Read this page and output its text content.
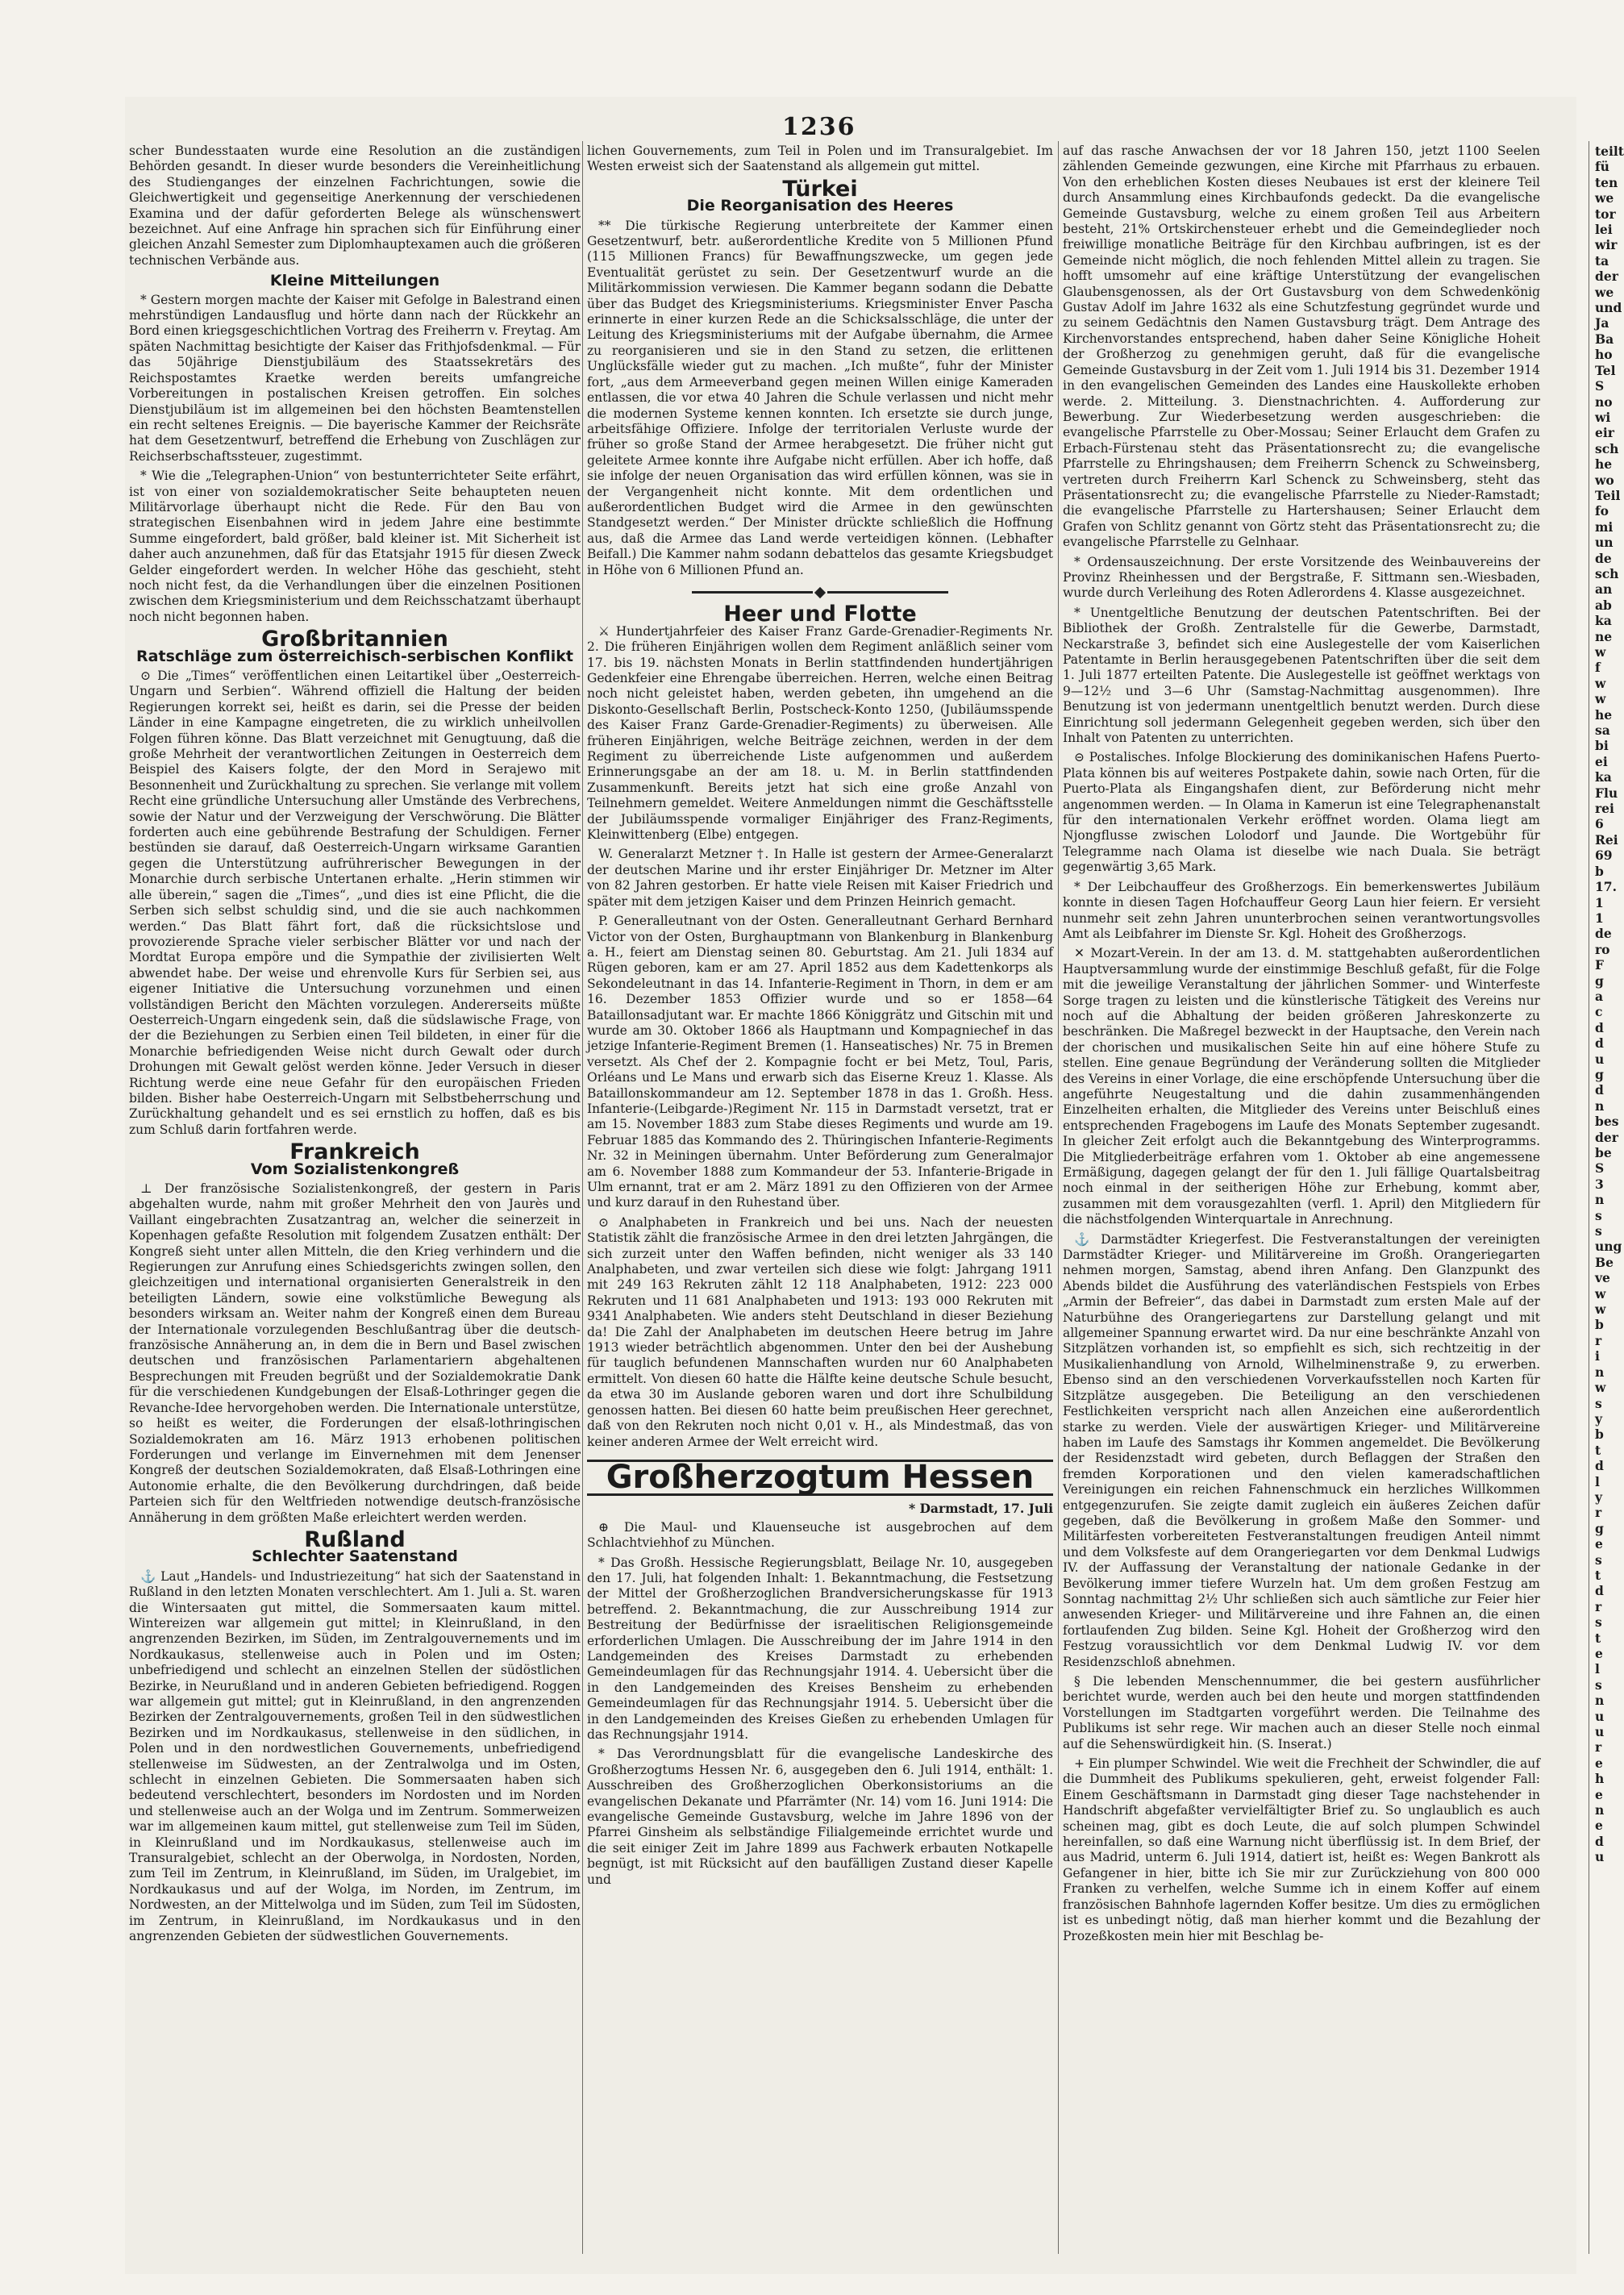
1236

scher Bundesstaaten wurde eine Resolution an die zuständigen Behörden gesandt. In dieser wurde besonders die Vereinheitlichung des Studienganges der einzelnen Fachrichtungen, sowie die Gleichwertigkeit und gegenseitige Anerkennung der verschiedenen Examina und der dafür geforderten Belege als wünschenswert bezeichnet. Auf eine Anfrage hin sprachen sich für Einführung einer gleichen Anzahl Semester zum Diplomhauptexamen auch die größeren technischen Verbände aus.

Kleine Mitteilungen

* Gestern morgen machte der Kaiser mit Gefolge in Balestrand einen mehrstündigen Landausflug und hörte dann nach der Rückkehr an Bord einen kriegsgeschichtlichen Vortrag des Freiherrn v. Freytag. Am späten Nachmittag besichtigte der Kaiser das Frithjofsdenkmal. — Für das 50jährige Dienstjubiläum des Staatssekretärs des Reichspostamtes Kraetke werden bereits umfangreiche Vorbereitungen in postalischen Kreisen getroffen. Ein solches Dienstjubiläum ist im allgemeinen bei den höchsten Beamtenstellen ein recht seltenes Ereignis. — Die bayerische Kammer der Reichsräte hat dem Gesetzentwurf, betreffend die Erhebung von Zuschlägen zur Reichserbschaftssteuer, zugestimmt.

* Wie die „Telegraphen-Union“ von bestunterrichteter Seite erfährt, ist von einer von sozialdemokratischer Seite behaupteten neuen Militärvorlage überhaupt nicht die Rede. Für den Bau von strategischen Eisenbahnen wird in jedem Jahre eine bestimmte Summe eingefordert, bald größer, bald kleiner ist. Mit Sicherheit ist daher auch anzunehmen, daß für das Etatsjahr 1915 für diesen Zweck Gelder eingefordert werden. In welcher Höhe das geschieht, steht noch nicht fest, da die Verhandlungen über die einzelnen Positionen zwischen dem Kriegsministerium und dem Reichsschatzamt überhaupt noch nicht begonnen haben.

Großbritannien
Ratschläge zum österreichisch-serbischen Konflikt

⊙ Die „Times“ veröffentlichen einen Leitartikel über „Oesterreich-Ungarn und Serbien“. Während offiziell die Haltung der beiden Regierungen korrekt sei, heißt es darin, sei die Presse der beiden Länder in eine Kampagne eingetreten, die zu wirklich unheilvollen Folgen führen könne. Das Blatt verzeichnet mit Genugtuung, daß die große Mehrheit der verantwortlichen Zeitungen in Oesterreich dem Beispiel des Kaisers folgte, der den Mord in Serajewo mit Besonnenheit und Zurückhaltung zu sprechen. Sie verlange mit vollem Recht eine gründliche Untersuchung aller Umstände des Verbrechens, sowie der Natur und der Verzweigung der Verschwörung. Die Blätter forderten auch eine gebührende Bestrafung der Schuldigen. Ferner bestünden sie darauf, daß Oesterreich-Ungarn wirksame Garantien gegen die Unterstützung aufrührerischer Bewegungen in der Monarchie durch serbische Untertanen erhalte. „Herin stimmen wir alle überein,“ sagen die „Times“, „und dies ist eine Pflicht, die die Serben sich selbst schuldig sind, und die sie auch nachkommen werden.“ Das Blatt fährt fort, daß die rücksichtslose und provozierende Sprache vieler serbischer Blätter vor und nach der Mordtat Europa empöre und die Sympathie der zivilisierten Welt abwendet habe. Der weise und ehrenvolle Kurs für Serbien sei, aus eigener Initiative die Untersuchung vorzunehmen und einen vollständigen Bericht den Mächten vorzulegen. Andererseits müßte Oesterreich-Ungarn eingedenk sein, daß die südslawische Frage, von der die Beziehungen zu Serbien einen Teil bildeten, in einer für die Monarchie befriedigenden Weise nicht durch Gewalt oder durch Drohungen mit Gewalt gelöst werden könne. Jeder Versuch in dieser Richtung werde eine neue Gefahr für den europäischen Frieden bilden. Bisher habe Oesterreich-Ungarn mit Selbstbeherrschung und Zurückhaltung gehandelt und es sei ernstlich zu hoffen, daß es bis zum Schluß darin fortfahren werde.

Frankreich
Vom Sozialistenkongreß

⊥ Der französische Sozialistenkongreß, der gestern in Paris abgehalten wurde, nahm mit großer Mehrheit den von Jaurès und Vaillant eingebrachten Zusatzantrag an, welcher die seinerzeit in Kopenhagen gefaßte Resolution mit folgendem Zusatzen enthält: Der Kongreß sieht unter allen Mitteln, die den Krieg verhindern und die Regierungen zur Anrufung eines Schiedsgerichts zwingen sollen, den gleichzeitigen und international organisierten Generalstreik in den beteiligten Ländern, sowie eine volkstümliche Bewegung als besonders wirksam an. Weiter nahm der Kongreß einen dem Bureau der Internationale vorzulegenden Beschlußantrag über die deutsch-französische Annäherung an, in dem die in Bern und Basel zwischen deutschen und französischen Parlamentariern abgehaltenen Besprechungen mit Freuden begrüßt und der Sozialdemokratie Dank für die verschiedenen Kundgebungen der Elsaß-Lothringer gegen die Revanche-Idee hervorgehoben werden. Die Internationale unterstütze, so heißt es weiter, die Forderungen der elsaß-lothringischen Sozialdemokraten am 16. März 1913 erhobenen politischen Forderungen und verlange im Einvernehmen mit dem Jenenser Kongreß der deutschen Sozialdemokraten, daß Elsaß-Lothringen eine Autonomie erhalte, die den Bevölkerung durchdringen, daß beide Parteien sich für den Weltfrieden notwendige deutsch-französische Annäherung in dem größten Maße erleichtert werden werden.

Rußland
Schlechter Saatenstand

⚓ Laut „Handels- und Industriezeitung“ hat sich der Saatenstand in Rußland in den letzten Monaten verschlechtert. Am 1. Juli a. St. waren die Wintersaaten gut mittel, die Sommersaaten kaum mittel. Wintereizen war allgemein gut mittel; in Kleinrußland, in den angrenzenden Bezirken, im Süden, im Zentralgouvernements und im Nordkaukasus, stellenweise auch in Polen und im Osten; unbefriedigend und schlecht an einzelnen Stellen der südöstlichen Bezirke, in Neurußland und in anderen Gebieten befriedigend. Roggen war allgemein gut mittel; gut in Kleinrußland, in den angrenzenden Bezirken der Zentralgouvernements, großen Teil in den südwestlichen Bezirken und im Nordkaukasus, stellenweise in den südlichen, in Polen und in den nordwestlichen Gouvernements, unbefriedigend stellenweise im Südwesten, an der Zentralwolga und im Osten, schlecht in einzelnen Gebieten. Die Sommersaaten haben sich bedeutend verschlechtert, besonders im Nordosten und im Norden und stellenweise auch an der Wolga und im Zentrum. Sommerweizen war im allgemeinen kaum mittel, gut stellenweise zum Teil im Süden, in Kleinrußland und im Nordkaukasus, stellenweise auch im Transuralgebiet, schlecht an der Oberwolga, in Nordosten, Norden, zum Teil im Zentrum, in Kleinrußland, im Süden, im Uralgebiet, im Nordkaukasus und auf der Wolga, im Norden, im Zentrum, im Nordwesten, an der Mittelwolga und im Süden, zum Teil im Südosten, im Zentrum, in Kleinrußland, im Nordkaukasus und in den angrenzenden Gebieten der südwestlichen Gouvernements.

lichen Gouvernements, zum Teil in Polen und im Transuralgebiet. Im Westen erweist sich der Saatenstand als allgemein gut mittel.

Türkei
Die Reorganisation des Heeres

** Die türkische Regierung unterbreitete der Kammer einen Gesetzentwurf, betr. außerordentliche Kredite von 5 Millionen Pfund (115 Millionen Francs) für Bewaffnungszwecke, um gegen jede Eventualität gerüstet zu sein. Der Gesetzentwurf wurde an die Militärkommission verwiesen. Die Kammer begann sodann die Debatte über das Budget des Kriegsministeriums. Kriegsminister Enver Pascha erinnerte in einer kurzen Rede an die Schicksalsschläge, die unter der Leitung des Kriegsministeriums mit der Aufgabe übernahm, die Armee zu reorganisieren und sie in den Stand zu setzen, die erlittenen Unglücksfälle wieder gut zu machen. „Ich mußte“, fuhr der Minister fort, „aus dem Armeeverband gegen meinen Willen einige Kameraden entlassen, die vor etwa 40 Jahren die Schule verlassen und nicht mehr die modernen Systeme kennen konnten. Ich ersetzte sie durch junge, arbeitsfähige Offiziere. Infolge der territorialen Verluste wurde der früher so große Stand der Armee herabgesetzt. Die früher nicht gut geleitete Armee konnte ihre Aufgabe nicht erfüllen. Aber ich hoffe, daß sie infolge der neuen Organisation das wird erfüllen können, was sie in der Vergangenheit nicht konnte. Mit dem ordentlichen und außerordentlichen Budget wird die Armee in den gewünschten Standgesetzt werden.“ Der Minister drückte schließlich die Hoffnung aus, daß die Armee das Land werde verteidigen können. (Lebhafter Beifall.) Die Kammer nahm sodann debattelos das gesamte Kriegsbudget in Höhe von 6 Millionen Pfund an.

Heer und Flotte

⚔ Hundertjahrfeier des Kaiser Franz Garde-Grenadier-Regiments Nr. 2. Die früheren Einjährigen wollen dem Regiment anläßlich seiner vom 17. bis 19. nächsten Monats in Berlin stattfindenden hundertjährigen Gedenkfeier eine Ehrengabe überreichen. Herren, welche einen Beitrag noch nicht geleistet haben, werden gebeten, ihn umgehend an die Diskonto-Gesellschaft Berlin, Postscheck-Konto 1250, (Jubiläumsspende des Kaiser Franz Garde-Grenadier-Regiments) zu überweisen. Alle früheren Einjährigen, welche Beiträge zeichnen, werden in der dem Regiment zu überreichende Liste aufgenommen und außerdem Erinnerungsgabe an der am 18. u. M. in Berlin stattfindenden Zusammenkunft. Bereits jetzt hat sich eine große Anzahl von Teilnehmern gemeldet. Weitere Anmeldungen nimmt die Geschäftsstelle der Jubiläumsspende vormaliger Einjähriger des Franz-Regiments, Kleinwittenberg (Elbe) entgegen.

W. Generalarzt Metzner †. In Halle ist gestern der Armee-Generalarzt der deutschen Marine und ihr erster Einjähriger Dr. Metzner im Alter von 82 Jahren gestorben. Er hatte viele Reisen mit Kaiser Friedrich und später mit dem jetzigen Kaiser und dem Prinzen Heinrich gemacht.

P. Generalleutnant von der Osten. Generalleutnant Gerhard Bernhard Victor von der Osten, Burghauptmann von Blankenburg in Blankenburg a. H., feiert am Dienstag seinen 80. Geburtstag. Am 21. Juli 1834 auf Rügen geboren, kam er am 27. April 1852 aus dem Kadettenkorps als Sekondeleutnant in das 14. Infanterie-Regiment in Thorn, in dem er am 16. Dezember 1853 Offizier wurde und so er 1858—64 Bataillonsadjutant war. Er machte 1866 Königgrätz und Gitschin mit und wurde am 30. Oktober 1866 als Hauptmann und Kompagniechef in das jetzige Infanterie-Regiment Bremen (1. Hanseatisches) Nr. 75 in Bremen versetzt. Als Chef der 2. Kompagnie focht er bei Metz, Toul, Paris, Orléans und Le Mans und erwarb sich das Eiserne Kreuz 1. Klasse. Als Bataillonskommandeur am 12. September 1878 in das 1. Großh. Hess. Infanterie-(Leibgarde-)Regiment Nr. 115 in Darmstadt versetzt, trat er am 15. November 1883 zum Stabe dieses Regiments und wurde am 19. Februar 1885 das Kommando des 2. Thüringischen Infanterie-Regiments Nr. 32 in Meiningen übernahm. Unter Beförderung zum Generalmajor am 6. November 1888 zum Kommandeur der 53. Infanterie-Brigade in Ulm ernannt, trat er am 2. März 1891 zu den Offizieren von der Armee und kurz darauf in den Ruhestand über.

⊙ Analphabeten in Frankreich und bei uns. Nach der neuesten Statistik zählt die französische Armee in den drei letzten Jahrgängen, die sich zurzeit unter den Waffen befinden, nicht weniger als 33 140 Analphabeten, und zwar verteilen sich diese wie folgt: Jahrgang 1911 mit 249 163 Rekruten zählt 12 118 Analphabeten, 1912: 223 000 Rekruten und 11 681 Analphabeten und 1913: 193 000 Rekruten mit 9341 Analphabeten. Wie anders steht Deutschland in dieser Beziehung da! Die Zahl der Analphabeten im deutschen Heere betrug im Jahre 1913 wieder beträchtlich abgenommen. Unter den bei der Aushebung für tauglich befundenen Mannschaften wurden nur 60 Analphabeten ermittelt. Von diesen 60 hatte die Hälfte keine deutsche Schule besucht, da etwa 30 im Auslande geboren waren und dort ihre Schulbildung genossen hatten. Bei diesen 60 hatte beim preußischen Heer gerechnet, daß von den Rekruten noch nicht 0,01 v. H., als Mindestmaß, das von keiner anderen Armee der Welt erreicht wird.

Großherzogtum Hessen
* Darmstadt, 17. Juli

⊕ Die Maul- und Klauenseuche ist ausgebrochen auf dem Schlachtviehhof zu München.

* Das Großh. Hessische Regierungsblatt, Beilage Nr. 10, ausgegeben den 17. Juli, hat folgenden Inhalt: 1. Bekanntmachung, die Festsetzung der Mittel der Großherzoglichen Brandversicherungskasse für 1913 betreffend. 2. Bekanntmachung, die zur Ausschreibung 1914 zur Bestreitung der Bedürfnisse der israelitischen Religionsgemeinde erforderlichen Umlagen. Die Ausschreibung der im Jahre 1914 in den Landgemeinden des Kreises Darmstadt zu erhebenden Gemeindeumlagen für das Rechnungsjahr 1914. 4. Uebersicht über die in den Landgemeinden des Kreises Bensheim zu erhebenden Gemeindeumlagen für das Rechnungsjahr 1914. 5. Uebersicht über die in den Landgemeinden des Kreises Gießen zu erhebenden Umlagen für das Rechnungsjahr 1914.

* Das Verordnungsblatt für die evangelische Landeskirche des Großherzogtums Hessen Nr. 6, ausgegeben den 6. Juli 1914, enthält: 1. Ausschreiben des Großherzoglichen Oberkonsistoriums an die evangelischen Dekanate und Pfarrämter (Nr. 14) vom 16. Juni 1914: Die evangelische Gemeinde Gustavsburg, welche im Jahre 1896 von der Pfarrei Ginsheim als selbständige Filialgemeinde errichtet wurde und die seit einiger Zeit im Jahre 1899 aus Fachwerk erbauten Notkapelle begnügt, ist mit Rücksicht auf den baufälligen Zustand dieser Kapelle und

auf das rasche Anwachsen der vor 18 Jahren 150, jetzt 1100 Seelen zählenden Gemeinde gezwungen, eine Kirche mit Pfarrhaus zu erbauen. Von den erheblichen Kosten dieses Neubaues ist erst der kleinere Teil durch Ansammlung eines Kirchbaufonds gedeckt. Da die evangelische Gemeinde Gustavsburg, welche zu einem großen Teil aus Arbeitern besteht, 21% Ortskirchensteuer erhebt und die Gemeindeglieder noch freiwillige monatliche Beiträge für den Kirchbau aufbringen, ist es der Gemeinde nicht möglich, die noch fehlenden Mittel allein zu tragen. Sie hofft umsomehr auf eine kräftige Unterstützung der evangelischen Glaubensgenossen, als der Ort Gustavsburg von dem Schwedenkönig Gustav Adolf im Jahre 1632 als eine Schutzfestung gegründet wurde und zu seinem Gedächtnis den Namen Gustavsburg trägt. Dem Antrage des Kirchenvorstandes entsprechend, haben daher Seine Königliche Hoheit der Großherzog zu genehmigen geruht, daß für die evangelische Gemeinde Gustavsburg in der Zeit vom 1. Juli 1914 bis 31. Dezember 1914 in den evangelischen Gemeinden des Landes eine Hauskollekte erhoben werde. 2. Mitteilung. 3. Dienstnachrichten. 4. Aufforderung zur Bewerbung. Zur Wiederbesetzung werden ausgeschrieben: die evangelische Pfarrstelle zu Ober-Mossau; Seiner Erlaucht dem Grafen zu Erbach-Fürstenau steht das Präsentationsrecht zu; die evangelische Pfarrstelle zu Ehringshausen; dem Freiherrn Schenck zu Schweinsberg, vertreten durch Freiherrn Karl Schenck zu Schweinsberg, steht das Präsentationsrecht zu; die evangelische Pfarrstelle zu Nieder-Ramstadt; die evangelische Pfarrstelle zu Hartershausen; Seiner Erlaucht dem Grafen von Schlitz genannt von Görtz steht das Präsentationsrecht zu; die evangelische Pfarrstelle zu Gelnhaar.

* Ordensauszeichnung. Der erste Vorsitzende des Weinbauvereins der Provinz Rheinhessen und der Bergstraße, F. Sittmann sen.-Wiesbaden, wurde durch Verleihung des Roten Adlerordens 4. Klasse ausgezeichnet.

* Unentgeltliche Benutzung der deutschen Patentschriften. Bei der Bibliothek der Großh. Zentralstelle für die Gewerbe, Darmstadt, Neckarstraße 3, befindet sich eine Auslegestelle der vom Kaiserlichen Patentamte in Berlin herausgegebenen Patentschriften über die seit dem 1. Juli 1877 erteilten Patente. Die Auslegestelle ist geöffnet werktags von 9—12½ und 3—6 Uhr (Samstag-Nachmittag ausgenommen). Ihre Benutzung ist von jedermann unentgeltlich benutzt werden. Durch diese Einrichtung soll jedermann Gelegenheit gegeben werden, sich über den Inhalt von Patenten zu unterrichten.

⊝ Postalisches. Infolge Blockierung des dominikanischen Hafens Puerto-Plata können bis auf weiteres Postpakete dahin, sowie nach Orten, für die Puerto-Plata als Eingangshafen dient, zur Beförderung nicht mehr angenommen werden. — In Olama in Kamerun ist eine Telegraphenanstalt für den internationalen Verkehr eröffnet worden. Olama liegt am Njongflusse zwischen Lolodorf und Jaunde. Die Wortgebühr für Telegramme nach Olama ist dieselbe wie nach Duala. Sie beträgt gegenwärtig 3,65 Mark.

* Der Leibchauffeur des Großherzogs. Ein bemerkenswertes Jubiläum konnte in diesen Tagen Hofchauffeur Georg Laun hier feiern. Er versieht nunmehr seit zehn Jahren ununterbrochen seinen verantwortungsvolles Amt als Leibfahrer im Dienste Sr. Kgl. Hoheit des Großherzogs.

✕ Mozart-Verein. In der am 13. d. M. stattgehabten außerordentlichen Hauptversammlung wurde der einstimmige Beschluß gefaßt, für die Folge mit die jeweilige Veranstaltung der jährlichen Sommer- und Winterfeste Sorge tragen zu leisten und die künstlerische Tätigkeit des Vereins nur noch auf die Abhaltung der beiden größeren Jahreskonzerte zu beschränken. Die Maßregel bezweckt in der Hauptsache, den Verein nach der chorischen und musikalischen Seite hin auf eine höhere Stufe zu stellen. Eine genaue Begründung der Veränderung sollten die Mitglieder des Vereins in einer Vorlage, die eine erschöpfende Untersuchung über die angeführte Neugestaltung und die dahin zusammenhängenden Einzelheiten erhalten, die Mitglieder des Vereins unter Beischluß eines entsprechenden Fragebogens im Laufe des Monats September zugesandt. In gleicher Zeit erfolgt auch die Bekanntgebung des Winterprogramms. Die Mitgliederbeiträge erfahren vom 1. Oktober ab eine angemessene Ermäßigung, dagegen gelangt der für den 1. Juli fällige Quartalsbeitrag noch einmal in der seitherigen Höhe zur Erhebung, kommt aber, zusammen mit dem vorausgezahlten (verfl. 1. April) den Mitgliedern für die nächstfolgenden Winterquartale in Anrechnung.

⚓ Darmstädter Kriegerfest. Die Festveranstaltungen der vereinigten Darmstädter Krieger- und Militärvereine im Großh. Orangeriegarten nehmen morgen, Samstag, abend ihren Anfang. Den Glanzpunkt des Abends bildet die Ausführung des vaterländischen Festspiels von Erbes „Armin der Befreier“, das dabei in Darmstadt zum ersten Male auf der Naturbühne des Orangeriegartens zur Darstellung gelangt und mit allgemeiner Spannung erwartet wird. Da nur eine beschränkte Anzahl von Sitzplätzen vorhanden ist, so empfiehlt es sich, sich rechtzeitig in der Musikalienhandlung von Arnold, Wilhelminenstraße 9, zu erwerben. Ebenso sind an den verschiedenen Vorverkaufsstellen noch Karten für Sitzplätze ausgegeben. Die Beteiligung an den verschiedenen Festlichkeiten verspricht nach allen Anzeichen eine außerordentlich starke zu werden. Viele der auswärtigen Krieger- und Militärvereine haben im Laufe des Samstags ihr Kommen angemeldet. Die Bevölkerung der Residenzstadt wird gebeten, durch Beflaggen der Straßen den fremden Korporationen und den vielen kameradschaftlichen Vereinigungen ein reichen Fahnenschmuck ein herzliches Willkommen entgegenzurufen. Sie zeigte damit zugleich ein äußeres Zeichen dafür gegeben, daß die Bevölkerung in großem Maße den Sommer- und Militärfesten vorbereiteten Festveranstaltungen freudigen Anteil nimmt und dem Volksfeste auf dem Orangeriegarten vor dem Denkmal Ludwigs IV. der Auffassung der Veranstaltung der nationale Gedanke in der Bevölkerung immer tiefere Wurzeln hat. Um dem großen Festzug am Sonntag nachmittag 2½ Uhr schließen sich auch sämtliche zur Feier hier anwesenden Krieger- und Militärvereine und ihre Fahnen an, die einen fortlaufenden Zug bilden. Seine Kgl. Hoheit der Großherzog wird den Festzug voraussichtlich vor dem Denkmal Ludwig IV. vor dem Residenzschloß abnehmen.

§ Die lebenden Menschennummer, die bei gestern ausführlicher berichtet wurde, werden auch bei den heute und morgen stattfindenden Vorstellungen im Stadtgarten vorgeführt werden. Die Teilnahme des Publikums ist sehr rege. Wir machen auch an dieser Stelle noch einmal auf die Sehenswürdigkeit hin. (S. Inserat.)

+ Ein plumper Schwindel. Wie weit die Frechheit der Schwindler, die auf die Dummheit des Publikums spekulieren, geht, erweist folgender Fall: Einem Geschäftsmann in Darmstadt ging dieser Tage nachstehender in Handschrift abgefaßter vervielfältigter Brief zu. So unglaublich es auch scheinen mag, gibt es doch Leute, die auf solch plumpen Schwindel hereinfallen, so daß eine Warnung nicht überflüssig ist. In dem Brief, der aus Madrid, unterm 6. Juli 1914, datiert ist, heißt es: Wegen Bankrott als Gefangener in hier, bitte ich Sie mir zur Zurückziehung von 800 000 Franken zu verhelfen, welche Summe ich in einem Koffer auf einem französischen Bahnhofe lagernden Koffer besitze. Um dies zu ermöglichen ist es unbedingt nötig, daß man hierher kommt und die Bezahlung der Prozeßkosten mein hier mit Beschlag be-

teilt
fü
ten
we
tor
lei
wir
ta
der
we
und
Ja
Ba
ho
Tel
S
no
wi
eir
sch
he
wo
Teil
fo
mi
un
de
sch
an
ab
ka
ne
w
f
w
w
he
sa
bi
ei
ka
Flu
rei
6
Rei
69
b
17.
1
1
de
ro
F
g
a
c
d
d
u
g
d
n
bes
der
be
S
3
n
s
s
ung
Be
ve
w
w
b
r
i
n
w
s
y
b
t
d
l
y
r
g
e
s
t
d
r
s
t
e
l
s
n
u
u
r
e
h
e
n
e
d
u
